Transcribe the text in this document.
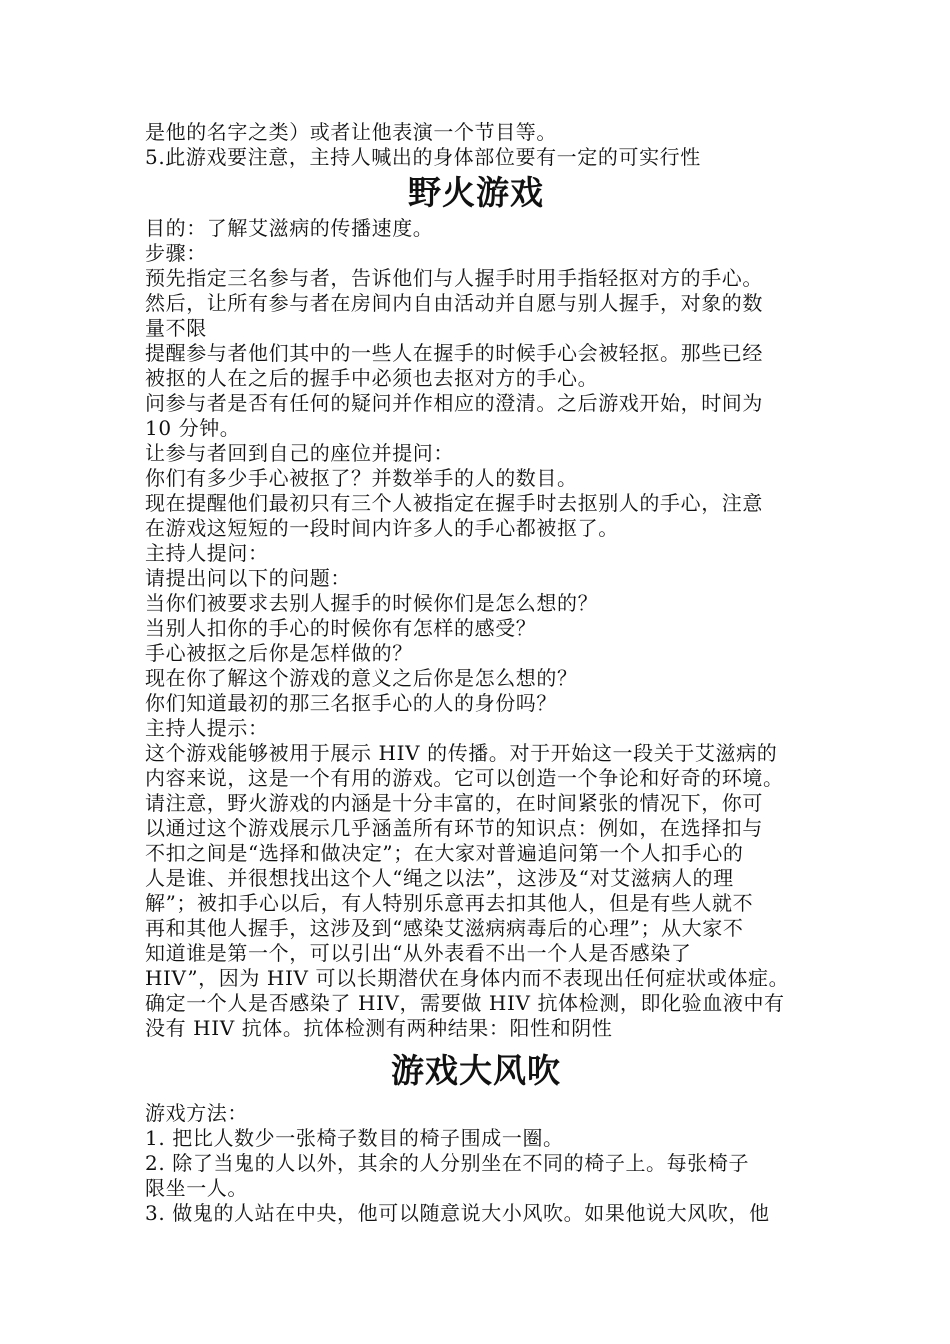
是他的名字之类）或者让他表演一个节目等。
5.此游戏要注意，主持人喊出的身体部位要有一定的可实行性
野火游戏
目的：了解艾滋病的传播速度。
步骤：
预先指定三名参与者，告诉他们与人握手时用手指轻抠对方的手心。
然后，让所有参与者在房间内自由活动并自愿与别人握手，对象的数
量不限
提醒参与者他们其中的一些人在握手的时候手心会被轻抠。那些已经
被抠的人在之后的握手中必须也去抠对方的手心。
问参与者是否有任何的疑问并作相应的澄清。之后游戏开始，时间为
10 分钟。
让参与者回到自己的座位并提问：
你们有多少手心被抠了？并数举手的人的数目。
现在提醒他们最初只有三个人被指定在握手时去抠别人的手心，注意
在游戏这短短的一段时间内许多人的手心都被抠了。
主持人提问：
请提出问以下的问题：
当你们被要求去别人握手的时候你们是怎么想的？
当别人扣你的手心的时候你有怎样的感受？
手心被抠之后你是怎样做的？
现在你了解这个游戏的意义之后你是怎么想的？
你们知道最初的那三名抠手心的人的身份吗？
主持人提示：
这个游戏能够被用于展示 HIV 的传播。对于开始这一段关于艾滋病的
内容来说，这是一个有用的游戏。它可以创造一个争论和好奇的环境。
请注意，野火游戏的内涵是十分丰富的，在时间紧张的情况下，你可
以通过这个游戏展示几乎涵盖所有环节的知识点：例如，在选择扣与
不扣之间是“选择和做决定”；在大家对普遍追问第一个人扣手心的
人是谁、并很想找出这个人“绳之以法”，这涉及“对艾滋病人的理
解”；被扣手心以后，有人特别乐意再去扣其他人，但是有些人就不
再和其他人握手，这涉及到“感染艾滋病病毒后的心理”；从大家不
知道谁是第一个，可以引出“从外表看不出一个人是否感染了
HIV”，因为 HIV 可以长期潜伏在身体内而不表现出任何症状或体症。
确定一个人是否感染了 HIV，需要做 HIV 抗体检测，即化验血液中有
没有 HIV 抗体。抗体检测有两种结果：阳性和阴性
游戏大风吹
游戏方法：
1. 把比人数少一张椅子数目的椅子围成一圈。
2. 除了当鬼的人以外，其余的人分别坐在不同的椅子上。每张椅子
限坐一人。
3. 做鬼的人站在中央，他可以随意说大小风吹。如果他说大风吹，他
